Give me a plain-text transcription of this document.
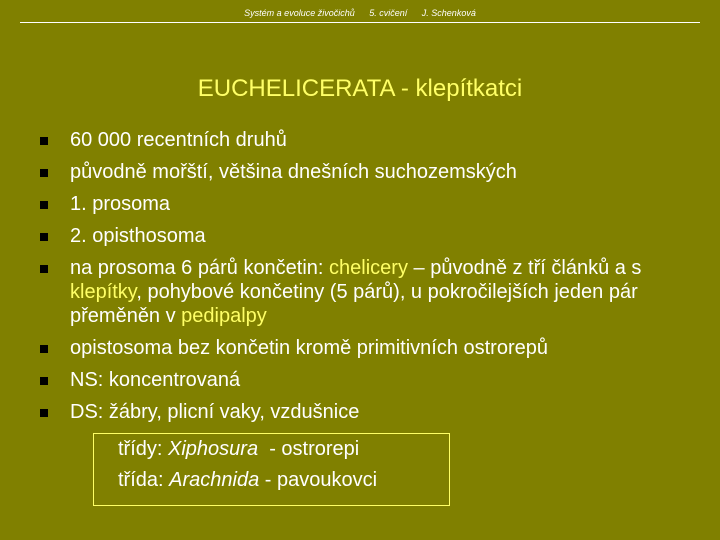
Systém a evoluce živočichů 5. cvičení J. Schenková
EUCHELICERATA - klepítkatci
60 000 recentních druhů
původně mořští, většina dnešních suchozemských
1. prosoma
2. opisthosoma
na prosoma 6 párů končetin: chelicery – původně z tří článků a s klepítky, pohybové končetiny (5 párů), u pokročilejších jeden pár přeměněn v pedipalpy
opistosoma bez končetin kromě primitivních ostrorepů
NS: koncentrovaná
DS: žábry, plicní vaky, vzdušnice
třídy: Xiphosura  - ostrorepi
třída: Arachnida - pavoukovci
